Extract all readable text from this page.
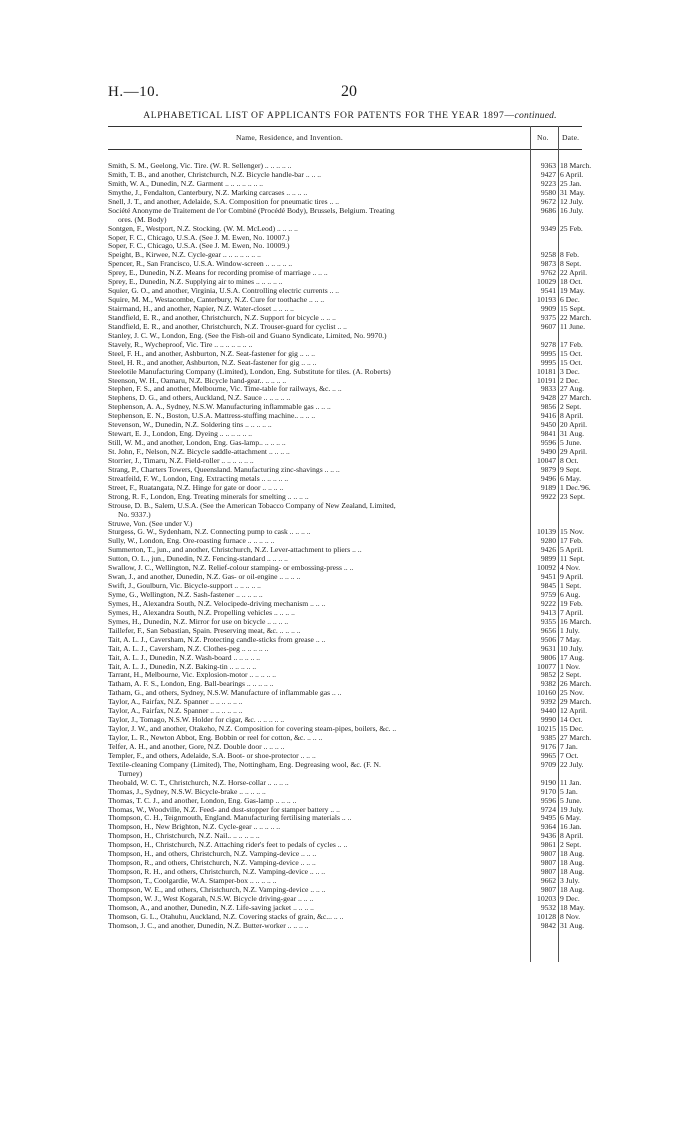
H.—10.	20
ALPHABETICAL LIST OF APPLICANTS FOR PATENTS FOR THE YEAR 1897—continued.
Name, Residence, and Invention.	No. Date.
Smith, S. M., Geelong, Vic. Tire. (W. R. Sellenger) .. .. .. .. ..	9363 18 March.
Smith, T. B., and another, Christchurch, N.Z. Bicycle handle-bar .. .. ..	9427 6 April.
Smith, W. A., Dunedin, N.Z. Garment .. .. .. .. .. .. ..	9223 25 Jan.
Smythe, J., Fendalton, Canterbury, N.Z. Marking carcases .. .. .. ..	9580 31 May.
Snell, J. T., and another, Adelaide, S.A. Composition for pneumatic tires .. ..	9672 12 July.
Société Anonyme de Traitement de l'or Combiné (Procédé Body), Brussels, Belgium. Treating	9686 16 July.
ores. (M. Body)
Sontgen, F., Westport, N.Z. Stocking. (W. M. McLeod) .. .. .. ..	9349 25 Feb.
Soper, F. C., Chicago, U.S.A. (See J. M. Ewen, No. 10007.)
Soper, F. C., Chicago, U.S.A. (See J. M. Ewen, No. 10009.)
Speight, B., Kirwee, N.Z. Cycle-gear .. .. .. .. .. .. ..	9258 8 Feb.
Spencer, R., San Francisco, U.S.A. Window-screen .. .. .. .. ..	9873 8 Sept.
Sprey, E., Dunedin, N.Z. Means for recording promise of marriage .. .. ..	9762 22 April.
Sprey, E., Dunedin, N.Z. Supplying air to mines .. .. .. .. ..	10029 18 Oct.
Squier, G. O., and another, Virginia, U.S.A. Controlling electric currents .. ..	9541 19 May.
Squire, M. M., Westacombe, Canterbury, N.Z. Cure for toothache .. .. ..	10193 6 Dec.
Stairmand, H., and another, Napier, N.Z. Water-closet .. .. .. ..	9909 15 Sept.
Standfield, E. R., and another, Christchurch, N.Z. Support for bicycle .. .. ..	9375 22 March.
Standfield, E. R., and another, Christchurch, N.Z. Trouser-guard for cyclist .. ..	9607 11 June.
Stanley, J. C. W., London, Eng. (See the Fish-oil and Guano Syndicate, Limited, No. 9970.)
Stavely, R., Wycheproof, Vic. Tire .. .. .. .. .. .. ..	9278 17 Feb.
Steel, F. H., and another, Ashburton, N.Z. Seat-fastener for gig .. .. ..	9995 15 Oct.
Steel, H. R., and another, Ashburton, N.Z. Seat-fastener for gig .. .. ..	9995 15 Oct.
Steelotile Manufacturing Company (Limited), London, Eng. Substitute for tiles. (A. Roberts)	10181 3 Dec.
Steenson, W. H., Oamaru, N.Z. Bicycle hand-gear.. .. .. .. ..	10191 2 Dec.
Stephen, F. S., and another, Melbourne, Vic. Time-table for railways, &c. .. ..	9833 27 Aug.
Stephens, D. G., and others, Auckland, N.Z. Sauce .. .. .. .. ..	9428 27 March.
Stephenson, A. A., Sydney, N.S.W. Manufacturing inflammable gas .. .. ..	9856 2 Sept.
Stephenson, E. N., Boston, U.S.A. Mattress-stuffing machine.. .. .. ..	9416 8 April.
Stevenson, W., Dunedin, N.Z. Soldering tins .. .. .. .. ..	9450 20 April.
Stewart, E. J., London, Eng. Dyeing .. .. .. .. .. ..	9841 31 Aug.
Still, W. M., and another, London, Eng. Gas-lamp.. .. .. .. ..	9596 5 June.
St. John, F., Nelson, N.Z. Bicycle saddle-attachment .. .. .. ..	9490 29 April.
Storrier, J., Timaru, N.Z. Field-roller .. .. .. .. .. ..	10047 8 Oct.
Strang, P., Charters Towers, Queensland. Manufacturing zinc-shavings .. .. ..	9879 9 Sept.
Streatfeild, F. W., London, Eng. Extracting metals .. .. .. .. ..	9496 6 May.
Street, F., Ruatangata, N.Z. Hinge for gate or door .. .. .. ..	9189 1 Dec.'96.
Strong, R. F., London, Eng. Treating minerals for smelting .. .. .. ..	9922 23 Sept.
Strouse, D. B., Salem, U.S.A. (See the American Tobacco Company of New Zealand, Limited,
No. 9337.)
Struwe, Von. (See under V.)
Sturgess, G. W., Sydenham, N.Z. Connecting pump to cask .. .. .. ..	10139 15 Nov.
Sully, W., London, Eng. Ore-roasting furnace .. .. .. .. ..	9280 17 Feb.
Summerton, T., jun., and another, Christchurch, N.Z. Lever-attachment to pliers .. ..	9426 5 April.
Sutton, O. L., jun., Dunedin, N.Z. Fencing-standard .. .. .. ..	9899 11 Sept.
Swallow, J. C., Wellington, N.Z. Relief-colour stamping- or embossing-press .. ..	10092 4 Nov.
Swan, J., and another, Dunedin, N.Z. Gas- or oil-engine .. .. .. ..	9451 9 April.
Swift, J., Goulburn, Vic. Bicycle-support .. .. .. .. ..	9845 1 Sept.
Syme, G., Wellington, N.Z. Sash-fastener .. .. .. .. ..	9759 6 Aug.
Symes, H., Alexandra South, N.Z. Velocipede-driving mechanism .. .. ..	9222 19 Feb.
Symes, H., Alexandra South, N.Z. Propelling vehicles .. .. .. ..	9413 7 April.
Symes, H., Dunedin, N.Z. Mirror for use on bicycle .. .. .. ..	9355 16 March.
Taillefer, F., San Sebastian, Spain. Preserving meat, &c. .. .. .. ..	9656 1 July.
Tait, A. L. J., Caversham, N.Z. Protecting candle-sticks from grease .. ..	9506 7 May.
Tait, A. L. J., Caversham, N.Z. Clothes-peg .. .. .. .. ..	9631 10 July.
Tait, A. L. J., Dunedin, N.Z. Wash-board .. .. .. .. ..	9806 17 Aug.
Tait, A. L. J., Dunedin, N.Z. Baking-tin .. .. .. .. ..	10077 1 Nov.
Tarrant, H., Melbourne, Vic. Explosion-motor .. .. .. .. ..	9852 2 Sept.
Tatham, A. F. S., London, Eng. Ball-bearings .. .. .. .. ..	9382 26 March.
Tatham, G., and others, Sydney, N.S.W. Manufacture of inflammable gas .. ..	10160 25 Nov.
Taylor, A., Fairfax, N.Z. Spanner .. .. .. .. .. ..	9392 29 March.
Taylor, A., Fairfax, N.Z. Spanner .. .. .. .. .. ..	9440 12 April.
Taylor, J., Tomago, N.S.W. Holder for cigar, &c. .. .. .. .. ..	9990 14 Oct.
Taylor, J. W., and another, Otakeho, N.Z. Composition for covering steam-pipes, boilers, &c. ..	10215 15 Dec.
Taylor, L. R., Newton Abbot, Eng. Bobbin or reel for cotton, &c. .. .. ..	9385 27 March.
Telfer, A. H., and another, Gore, N.Z. Double door .. .. .. ..	9176 7 Jan.
Templer, F., and others, Adelaide, S.A. Boot- or shoe-protector .. .. ..	9965 7 Oct.
Textile-cleaning Company (Limited), The, Nottingham, Eng. Degreasing wool, &c. (F. N.	9709 22 July.
Turney)
Theobald, W. C. T., Christchurch, N.Z. Horse-collar .. .. .. ..	9190 11 Jan.
Thomas, J., Sydney, N.S.W. Bicycle-brake .. .. .. .. ..	9170 5 Jan.
Thomas, T. C. J., and another, London, Eng. Gas-lamp .. .. .. ..	9596 5 June.
Thomas, W., Woodville, N.Z. Feed- and dust-stopper for stamper battery .. ..	9724 19 July.
Thompson, C. H., Teignmouth, England. Manufacturing fertilising materials .. ..	9495 6 May.
Thompson, H., New Brighton, N.Z. Cycle-gear .. .. .. .. ..	9364 16 Jan.
Thompson, H., Christchurch, N.Z. Nail.. .. .. .. .. ..	9436 8 April.
Thompson, H., Christchurch, N.Z. Attaching rider's feet to pedals of cycles .. ..	9861 2 Sept.
Thompson, H., and others, Christchurch, N.Z. Vamping-device .. .. ..	9807 18 Aug.
Thompson, R., and others, Christchurch, N.Z. Vamping-device .. .. ..	9807 18 Aug.
Thompson, R. H., and others, Christchurch, N.Z. Vamping-device .. .. ..	9807 18 Aug.
Thompson, T., Coolgardie, W.A. Stamper-box .. .. .. .. ..	9662 3 July.
Thompson, W. E., and others, Christchurch, N.Z. Vamping-device .. .. ..	9807 18 Aug.
Thompson, W. J., West Kogarah, N.S.W. Bicycle driving-gear .. .. ..	10203 9 Dec.
Thomson, A., and another, Dunedin, N.Z. Life-saving jacket .. .. .. ..	9532 18 May.
Thomson, G. L., Otahuhu, Auckland, N.Z. Covering stacks of grain, &c... .. ..	10128 8 Nov.
Thomson, J. C., and another, Dunedin, N.Z. Butter-worker .. .. .. ..	9842 31 Aug.
